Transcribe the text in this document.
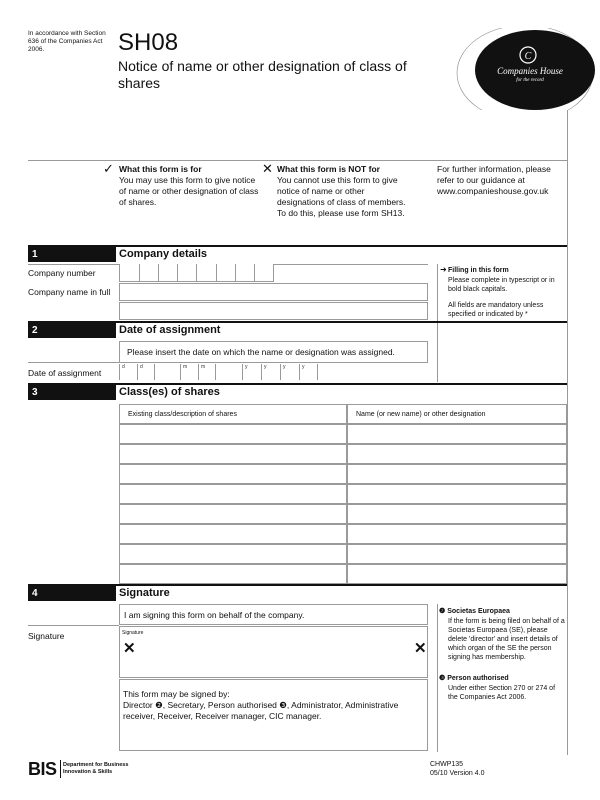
In accordance with Section 636 of the Companies Act 2006.	SH08
Notice of name or other designation of class of shares
C
Companies House
for the record
✓ What this form is for
You may use this form to give notice of name or other designation of class of shares.
✕ What this form is NOT for
You cannot use this form to give notice of name or other designations of class of members. To do this, please use form SH13.
For further information, please refer to our guidance at www.companieshouse.gov.uk
1	Company details
Company number
Company name in full
➜ Filling in this form
Please complete in typescript or in bold black capitals.
All fields are mandatory unless specified or indicated by *
2	Date of assignment
Please insert the date on which the name or designation was assigned.
Date of assignment
d	d	m	m	y	y	y	y
3	Class(es) of shares
Existing class/description of shares	Name (or new name) or other designation
4	Signature
I am signing this form on behalf of the company.
Signature	Signature
✕	✕
This form may be signed by:
Director ❷, Secretary, Person authorised ❸, Administrator, Administrative receiver, Receiver, Receiver manager, CIC manager.
❷ Societas Europaea
If the form is being filed on behalf of a Societas Europaea (SE), please delete 'director' and insert details of which organ of the SE the person signing has membership.
❸ Person authorised
Under either Section 270 or 274 of the Companies Act 2006.
BIS Department for Business
Innovation & Skills
CHWP135
05/10 Version 4.0
